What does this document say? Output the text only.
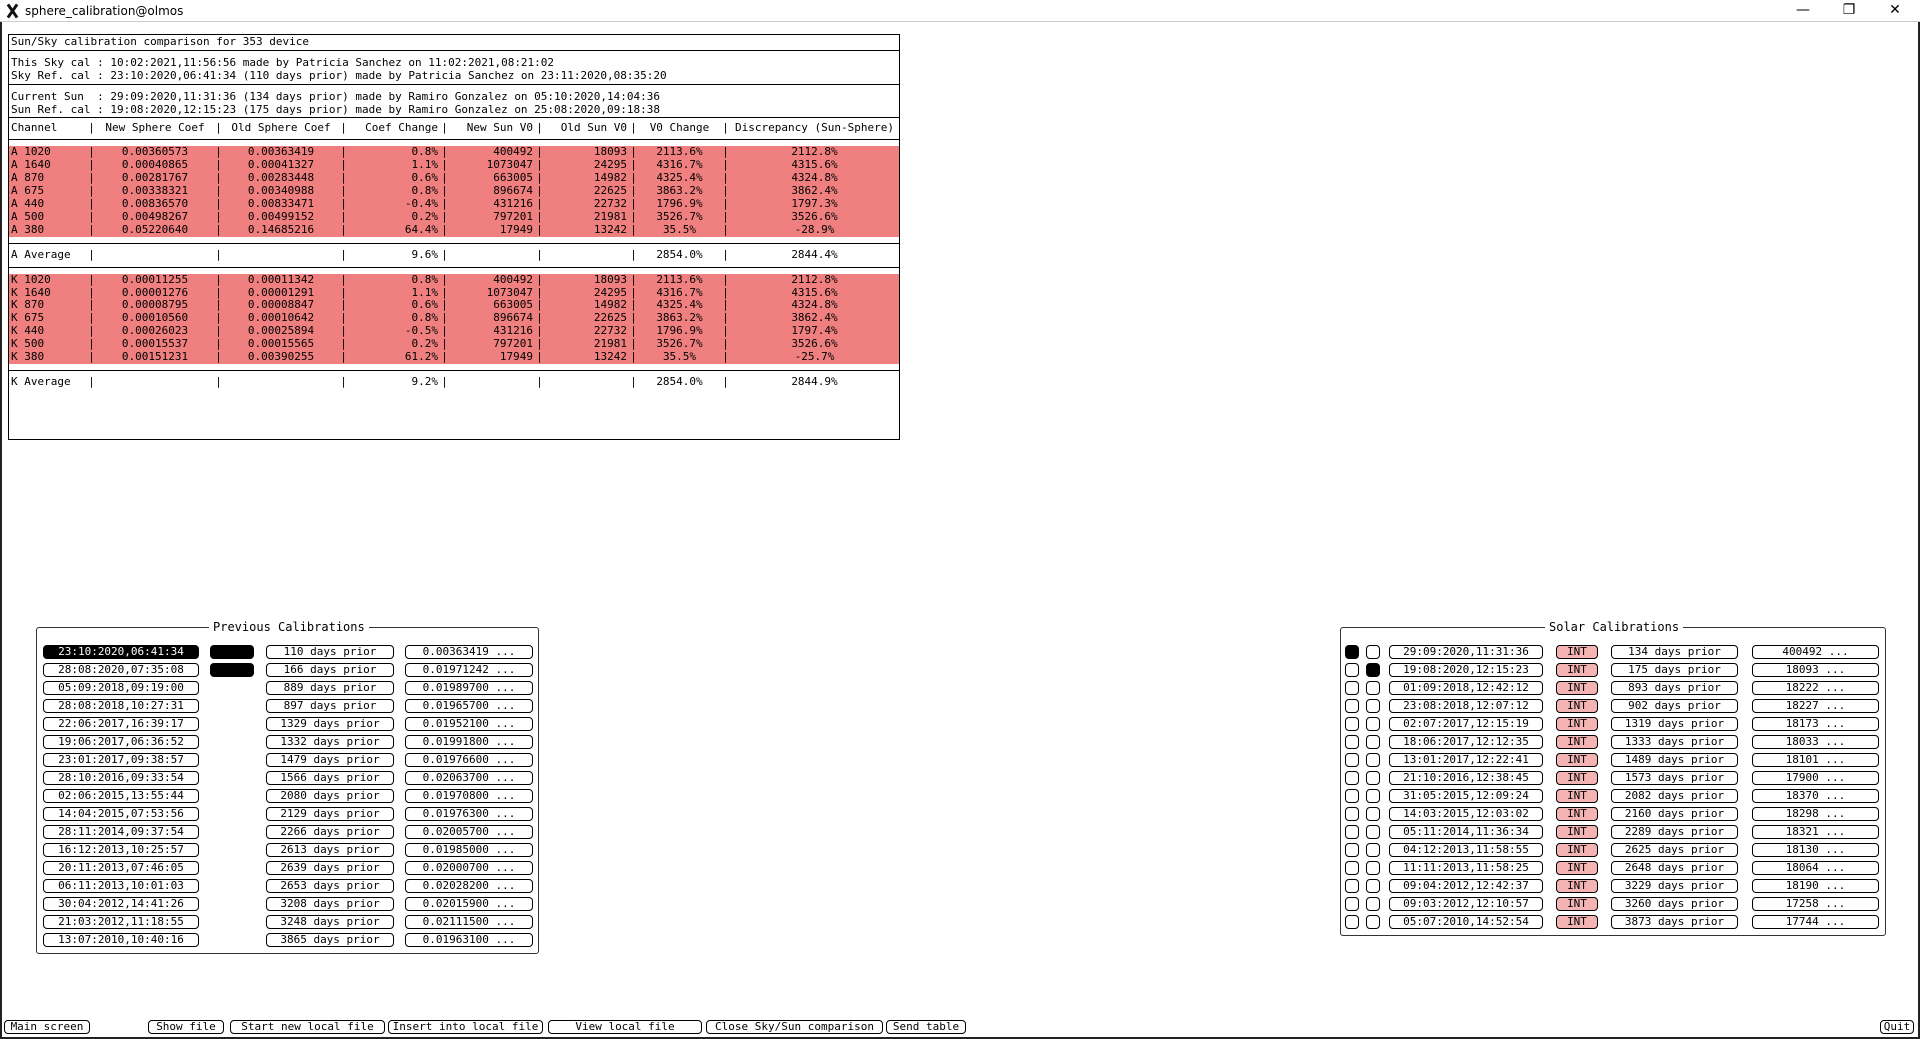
sphere_calibration@olmos	—	❐	✕
Sun/Sky calibration comparison for 353 device
This Sky cal : 10:02:2021,11:56:56 made by Patricia Sanchez on 11:02:2021,08:21:02
Sky Ref. cal : 23:10:2020,06:41:34 (110 days prior) made by Patricia Sanchez on 23:11:2020,08:35:20
Current Sun  : 29:09:2020,11:31:36 (134 days prior) made by Ramiro Gonzalez on 05:10:2020,14:04:36
Sun Ref. cal : 19:08:2020,12:15:23 (175 days prior) made by Ramiro Gonzalez on 25:08:2020,09:18:38
Channel	|	New Sphere Coef	|	Old Sphere Coef	|	Coef Change	|	New Sun V0	|	Old Sun V0	|	V0 Change	|	Discrepancy (Sun-Sphere)
A 1020	|	0.00360573	|	0.00363419	|	0.8%	|	400492	|	18093	|	2113.6%	|	2112.8%
A 1640	|	0.00040865	|	0.00041327	|	1.1%	|	1073047	|	24295	|	4316.7%	|	4315.6%
A 870	|	0.00281767	|	0.00283448	|	0.6%	|	663005	|	14982	|	4325.4%	|	4324.8%
A 675	|	0.00338321	|	0.00340988	|	0.8%	|	896674	|	22625	|	3863.2%	|	3862.4%
A 440	|	0.00836570	|	0.00833471	|	-0.4%	|	431216	|	22732	|	1796.9%	|	1797.3%
A 500	|	0.00498267	|	0.00499152	|	0.2%	|	797201	|	21981	|	3526.7%	|	3526.6%
A 380	|	0.05220640	|	0.14685216	|	64.4%	|	17949	|	13242	|	35.5%	|	-28.9%
A Average	|		|		|	9.6%	|		|		|	2854.0%	|	2844.4%
K 1020	|	0.00011255	|	0.00011342	|	0.8%	|	400492	|	18093	|	2113.6%	|	2112.8%
K 1640	|	0.00001276	|	0.00001291	|	1.1%	|	1073047	|	24295	|	4316.7%	|	4315.6%
K 870	|	0.00008795	|	0.00008847	|	0.6%	|	663005	|	14982	|	4325.4%	|	4324.8%
K 675	|	0.00010560	|	0.00010642	|	0.8%	|	896674	|	22625	|	3863.2%	|	3862.4%
K 440	|	0.00026023	|	0.00025894	|	-0.5%	|	431216	|	22732	|	1796.9%	|	1797.4%
K 500	|	0.00015537	|	0.00015565	|	0.2%	|	797201	|	21981	|	3526.7%	|	3526.6%
K 380	|	0.00151231	|	0.00390255	|	61.2%	|	17949	|	13242	|	35.5%	|	-25.7%
K Average	|		|		|	9.2%	|		|		|	2854.0%	|	2844.9%
Previous Calibrations
23:10:2020,06:41:34	110 days prior	0.00363419 ...
28:08:2020,07:35:08	166 days prior	0.01971242 ...
05:09:2018,09:19:00	889 days prior	0.01989700 ...
28:08:2018,10:27:31	897 days prior	0.01965700 ...
22:06:2017,16:39:17	1329 days prior	0.01952100 ...
19:06:2017,06:36:52	1332 days prior	0.01991800 ...
23:01:2017,09:38:57	1479 days prior	0.01976600 ...
28:10:2016,09:33:54	1566 days prior	0.02063700 ...
02:06:2015,13:55:44	2080 days prior	0.01970800 ...
14:04:2015,07:53:56	2129 days prior	0.01976300 ...
28:11:2014,09:37:54	2266 days prior	0.02005700 ...
16:12:2013,10:25:57	2613 days prior	0.01985000 ...
20:11:2013,07:46:05	2639 days prior	0.02000700 ...
06:11:2013,10:01:03	2653 days prior	0.02028200 ...
30:04:2012,14:41:26	3208 days prior	0.02015900 ...
21:03:2012,11:18:55	3248 days prior	0.02111500 ...
13:07:2010,10:40:16	3865 days prior	0.01963100 ...
Solar Calibrations
29:09:2020,11:31:36	INT	134 days prior	400492 ...
19:08:2020,12:15:23	INT	175 days prior	18093 ...
01:09:2018,12:42:12	INT	893 days prior	18222 ...
23:08:2018,12:07:12	INT	902 days prior	18227 ...
02:07:2017,12:15:19	INT	1319 days prior	18173 ...
18:06:2017,12:12:35	INT	1333 days prior	18033 ...
13:01:2017,12:22:41	INT	1489 days prior	18101 ...
21:10:2016,12:38:45	INT	1573 days prior	17900 ...
31:05:2015,12:09:24	INT	2082 days prior	18370 ...
14:03:2015,12:03:02	INT	2160 days prior	18298 ...
05:11:2014,11:36:34	INT	2289 days prior	18321 ...
04:12:2013,11:58:55	INT	2625 days prior	18130 ...
11:11:2013,11:58:25	INT	2648 days prior	18064 ...
09:04:2012,12:42:37	INT	3229 days prior	18190 ...
09:03:2012,12:10:57	INT	3260 days prior	17258 ...
05:07:2010,14:52:54	INT	3873 days prior	17744 ...
Main screen	Show file	Start new local file	Insert into local file	View local file	Close Sky/Sun comparison	Send table	Quit
